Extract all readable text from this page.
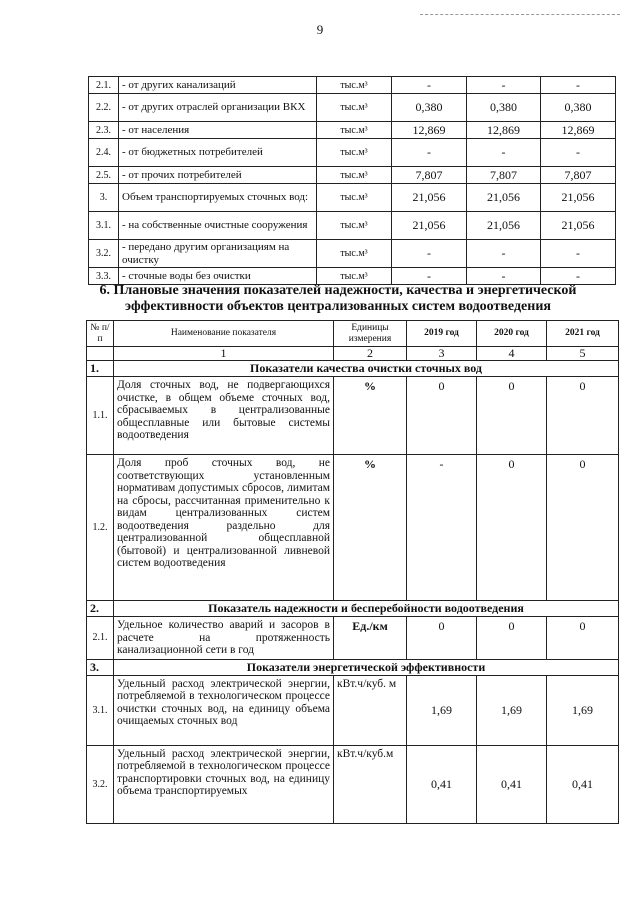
9
2.1.	- от других канализаций	тыс.м³	-	-	-
2.2.	- от других отраслей организации ВКХ	тыс.м³	0,380	0,380	0,380
2.3.	- от населения	тыс.м³	12,869	12,869	12,869
2.4.	- от бюджетных потребителей	тыс.м³	-	-	-
2.5.	- от прочих потребителей	тыс.м³	7,807	7,807	7,807
3.	Объем транспортируемых сточных вод:	тыс.м³	21,056	21,056	21,056
3.1.	- на собственные очистные сооружения	тыс.м³	21,056	21,056	21,056
3.2.	- передано другим организациям на очистку	тыс.м³	-	-	-
3.3.	- сточные воды без очистки	тыс.м³	-	-	-
6. Плановые значения показателей надежности, качества и энергетической эффективности объектов централизованных систем водоотведения
№ п/п	Наименование показателя	Единицы измерения	2019 год	2020 год	2021 год
	1	2	3	4	5
1.	Показатели качества очистки сточных вод				
1.1.	Доля сточных вод, не подвергающихся очистке, в общем объеме сточных вод, сбрасываемых в централизованные общесплавные или бытовые системы водоотведения	%	0	0	0
1.2.	Доля проб сточных вод, не соответствующих установленным нормативам допустимых сбросов, лимитам на сбросы, рассчитанная применительно к видам централизованных систем водоотведения раздельно для централизованной общесплавной (бытовой) и централизованной ливневой систем водоотведения	%	-	0	0
2.	Показатель надежности и бесперебойности водоотведения				
2.1.	Удельное количество аварий и засоров в расчете на протяженность канализационной сети в год	Ед./км	0	0	0
3.	Показатели энергетической эффективности				
3.1.	Удельный расход электрической энергии, потребляемой в технологическом процессе очистки сточных вод, на единицу объема очищаемых сточных вод	кВт.ч/куб. м	1,69	1,69	1,69
3.2.	Удельный расход электрической энергии, потребляемой в технологическом процессе транспортировки сточных вод, на единицу объема транспортируемых	кВт.ч/куб.м	0,41	0,41	0,41
